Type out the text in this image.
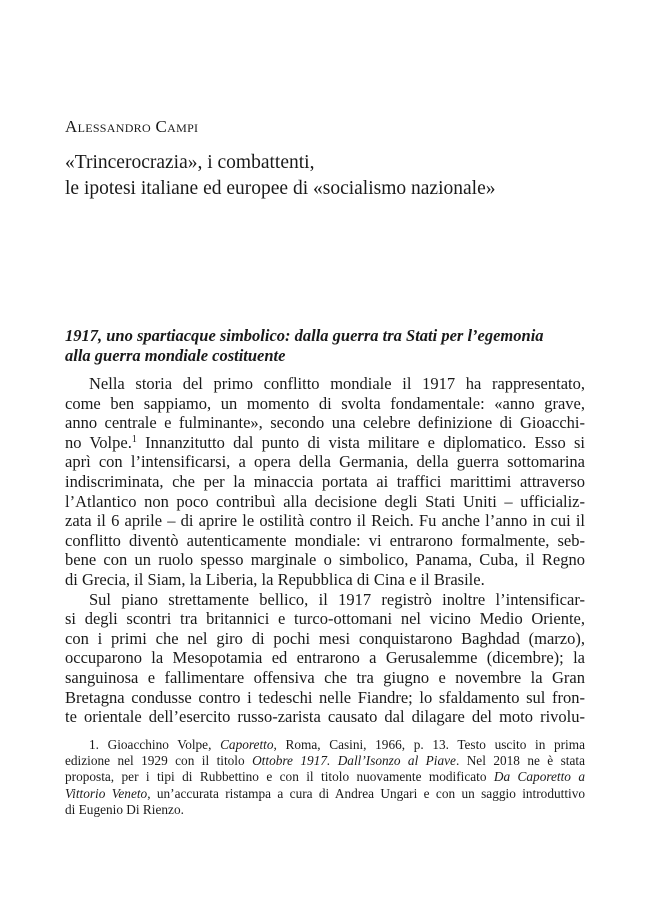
Alessandro Campi

«Trincerocrazia», i combattenti,
le ipotesi italiane ed europee di «socialismo nazionale»
1917, uno spartiacque simbolico: dalla guerra tra Stati per l’egemonia
alla guerra mondiale costituente
Nella storia del primo conflitto mondiale il 1917 ha rappresentato,
come ben sappiamo, un momento di svolta fondamentale: «anno grave,
anno centrale e fulminante», secondo una celebre definizione di Gioacchi-
no Volpe.$^1$ Innanzitutto dal punto di vista militare e diplomatico. Esso si
aprì con l’intensificarsi, a opera della Germania, della guerra sottomarina
indiscriminata, che per la minaccia portata ai traffici marittimi attraverso
l’Atlantico non poco contribuì alla decisione degli Stati Uniti – ufficializ-
zata il 6 aprile – di aprire le ostilità contro il Reich. Fu anche l’anno in cui il
conflitto diventò autenticamente mondiale: vi entrarono formalmente, seb-
bene con un ruolo spesso marginale o simbolico, Panama, Cuba, il Regno
di Grecia, il Siam, la Liberia, la Repubblica di Cina e il Brasile.
Sul piano strettamente bellico, il 1917 registrò inoltre l’intensificar-
si degli scontri tra britannici e turco-ottomani nel vicino Medio Oriente,
con i primi che nel giro di pochi mesi conquistarono Baghdad (marzo),
occuparono la Mesopotamia ed entrarono a Gerusalemme (dicembre); la
sanguinosa e fallimentare offensiva che tra giugno e novembre la Gran
Bretagna condusse contro i tedeschi nelle Fiandre; lo sfaldamento sul fron-
te orientale dell’esercito russo-zarista causato dal dilagare del moto rivolu-
1. Gioacchino Volpe, Caporetto, Roma, Casini, 1966, p. 13. Testo uscito in prima
edizione nel 1929 con il titolo Ottobre 1917. Dall’Isonzo al Piave. Nel 2018 ne è stata
proposta, per i tipi di Rubbettino e con il titolo nuovamente modificato Da Caporetto a
Vittorio Veneto, un’accurata ristampa a cura di Andrea Ungari e con un saggio introduttivo
di Eugenio Di Rienzo.
